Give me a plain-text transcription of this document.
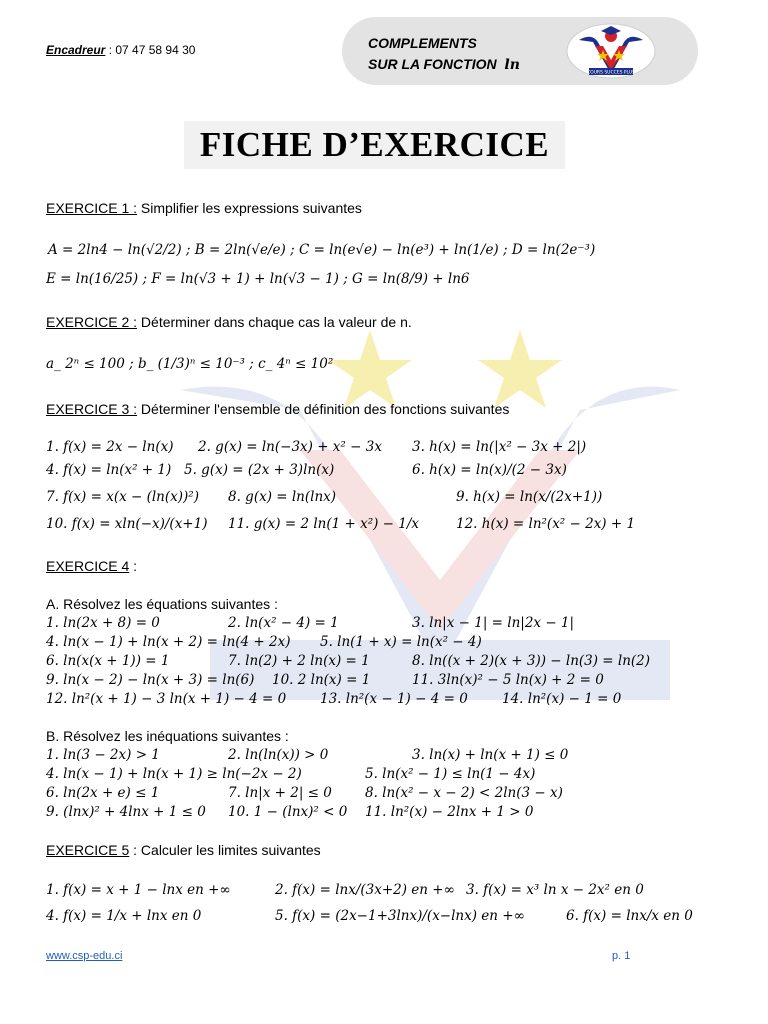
Encadreur : 07 47 58 94 30	COMPLEMENTS
SUR LA FONCTION ln	COURS SUCCES PLUS
FICHE D’EXERCICE
EXERCICE 1 : Simplifier les expressions suivantes
A = 2ln4 − ln(√2/2) ; B = 2ln(√e/e) ; C = ln(e√e) − ln(e³) + ln(1/e) ; D = ln(2e⁻³)
E = ln(16/25) ; F = ln(√3 + 1) + ln(√3 − 1) ; G = ln(8/9) + ln6
EXERCICE 2 : Déterminer dans chaque cas la valeur de n.
a_ 2ⁿ ≤ 100 ; b_ (1/3)ⁿ ≤ 10⁻³ ; c_ 4ⁿ ≤ 10²
EXERCICE 3 : Déterminer l'ensemble de définition des fonctions suivantes
1. f(x) = 2x − ln(x) 2. g(x) = ln(−3x) + x² − 3x 3. h(x) = ln(|x² − 3x + 2|)
4. f(x) = ln(x² + 1) 5. g(x) = (2x + 3)ln(x)	6. h(x) = ln(x)/(2 − 3x)
7. f(x) = x(x − (ln(x))²) 8. g(x) = ln(lnx)	9. h(x) = ln(x/(2x+1))
10. f(x) = xln(−x)/(x+1) 11. g(x) = 2 ln(1 + x²) − 1/x	12. h(x) = ln²(x² − 2x) + 1
EXERCICE 4 :
A. Résolvez les équations suivantes :
1. ln(2x + 8) = 0	2. ln(x² − 4) = 1	3. ln|x − 1| = ln|2x − 1|
4. ln(x − 1) + ln(x + 2) = ln(4 + 2x) 5. ln(1 + x) = ln(x² − 4)
6. ln(x(x + 1)) = 1	7. ln(2) + 2 ln(x) = 1	8. ln((x + 2)(x + 3)) − ln(3) = ln(2)
9. ln(x − 2) − ln(x + 3) = ln(6) 10. 2 ln(x) = 1	11. 3ln(x)² − 5 ln(x) + 2 = 0
12. ln²(x + 1) − 3 ln(x + 1) − 4 = 0	13. ln²(x − 1) − 4 = 0	14. ln²(x) − 1 = 0
B. Résolvez les inéquations suivantes :
1. ln(3 − 2x) > 1	2. ln(ln(x)) > 0	3. ln(x) + ln(x + 1) ≤ 0
4. ln(x − 1) + ln(x + 1) ≥ ln(−2x − 2)	5. ln(x² − 1) ≤ ln(1 − 4x)
6. ln(2x + e) ≤ 1	7. ln|x + 2| ≤ 0 8. ln(x² − x − 2) < 2ln(3 − x)
9. (lnx)² + 4lnx + 1 ≤ 0 10. 1 − (lnx)² < 0 11. ln²(x) − 2lnx + 1 > 0
EXERCICE 5 : Calculer les limites suivantes
1. f(x) = x + 1 − lnx en +∞	2. f(x) = lnx/(3x+2) en +∞ 3. f(x) = x³ ln x − 2x² en 0
4. f(x) = 1/x + lnx en 0	5. f(x) = (2x−1+3lnx)/(x−lnx) en +∞	6. f(x) = lnx/x en 0
www.csp-edu.ci	p. 1
